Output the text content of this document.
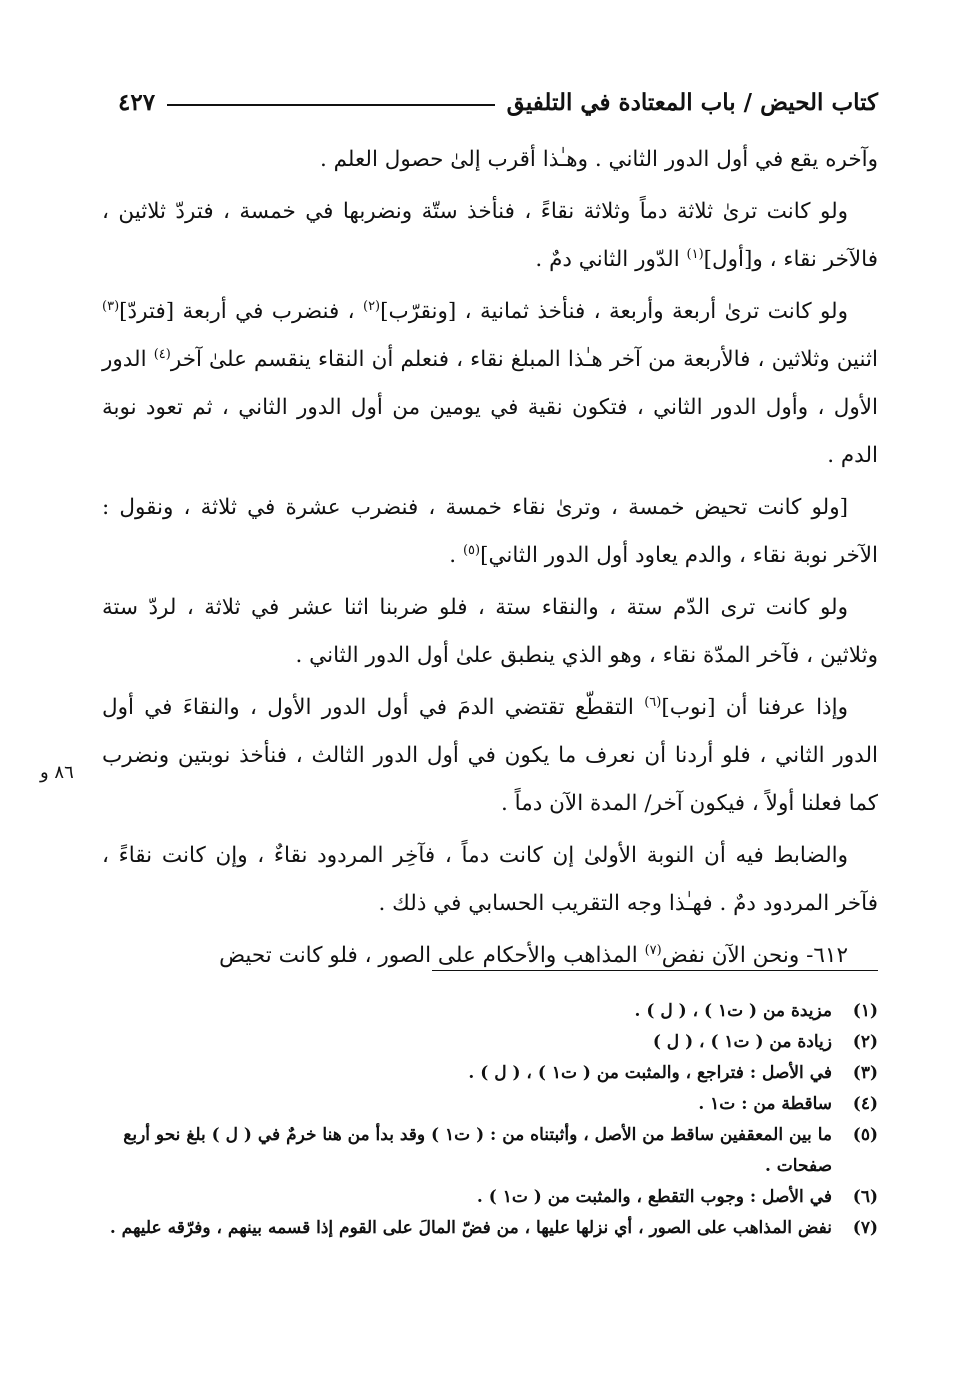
كتاب الحيض / باب المعتادة في التلفيق
٤٢٧
٨٦ و

وآخره يقع في أول الدور الثاني . وهـٰذا أقرب إلىٰ حصول العلم .

ولو كانت ترىٰ ثلاثة دماً وثلاثة نقاءً ، فنأخذ ستّة ونضربها في خمسة ، فتردّ ثلاثين ، فالآخر نقاء ، و[أول]$^{(١)}$ الدّور الثاني دمٌ .

ولو كانت ترىٰ أربعة وأربعة ، فنأخذ ثمانية ، [ونقرّب]$^{(٢)}$ ، فنضرب في أربعة [فتردّ]$^{(٣)}$ اثنين وثلاثين ، فالأربعة من آخر هـٰذا المبلغ نقاء ، فنعلم أن النقاء ينقسم علىٰ آخر$^{(٤)}$ الدور الأول ، وأول الدور الثاني ، فتكون نقية في يومين من أول الدور الثاني ، ثم تعود نوبة الدم .

[ولو كانت تحيض خمسة ، وترىٰ نقاء خمسة ، فنضرب عشرة في ثلاثة ، ونقول : الآخر نوبة نقاء ، والدم يعاود أول الدور الثاني]$^{(٥)}$ .

ولو كانت ترى الدّم ستة ، والنقاء ستة ، فلو ضربنا اثنا عشر في ثلاثة ، لردّ ستة وثلاثين ، فآخر المدّة نقاء ، وهو الذي ينطبق علىٰ أول الدور الثاني .

وإذا عرفنا أن [نوب]$^{(٦)}$ التقطّع تقتضي الدمَ في أول الدور الأول ، والنقاءَ في أول الدور الثاني ، فلو أردنا أن نعرف ما يكون في أول الدور الثالث ، فنأخذ نوبتين ونضرب كما فعلنا أولاً ، فيكون آخر/ المدة الآن دماً .

والضابط فيه أن النوبة الأولىٰ إن كانت دماً ، فآخِر المردود نقاءٌ ، وإن كانت نقاءً ، فآخر المردود دمٌ . فهـٰذا وجه التقريب الحسابي في ذلك .

٦١٢- ونحن الآن نفض$^{(٧)}$ المذاهب والأحكام على الصور ، فلو كانت تحيض

(١)
مزيدة من ( ت١ ) ، ( ل ) .
(٢)
زيادة من ( ت١ ) ، ( ل )
(٣)
في الأصل : فتراجع ، والمثبت من ( ت١ ) ، ( ل ) .
(٤)
ساقطة من : ت١ .
(٥)
ما بين المعقفين ساقط من الأصل ، وأثبتناه من : ( ت١ ) وقد بدأ من هنا خرمٌ في ( ل ) بلغ نحو أربع صفحات .
(٦)
في الأصل : وجوب التقطع ، والمثبت من ( ت١ ) .
(٧)
نفض المذاهب على الصور ، أي نزلها عليها ، من فضّ المالَ على القوم إذا قسمه بينهم ، وفرّقه عليهم .
